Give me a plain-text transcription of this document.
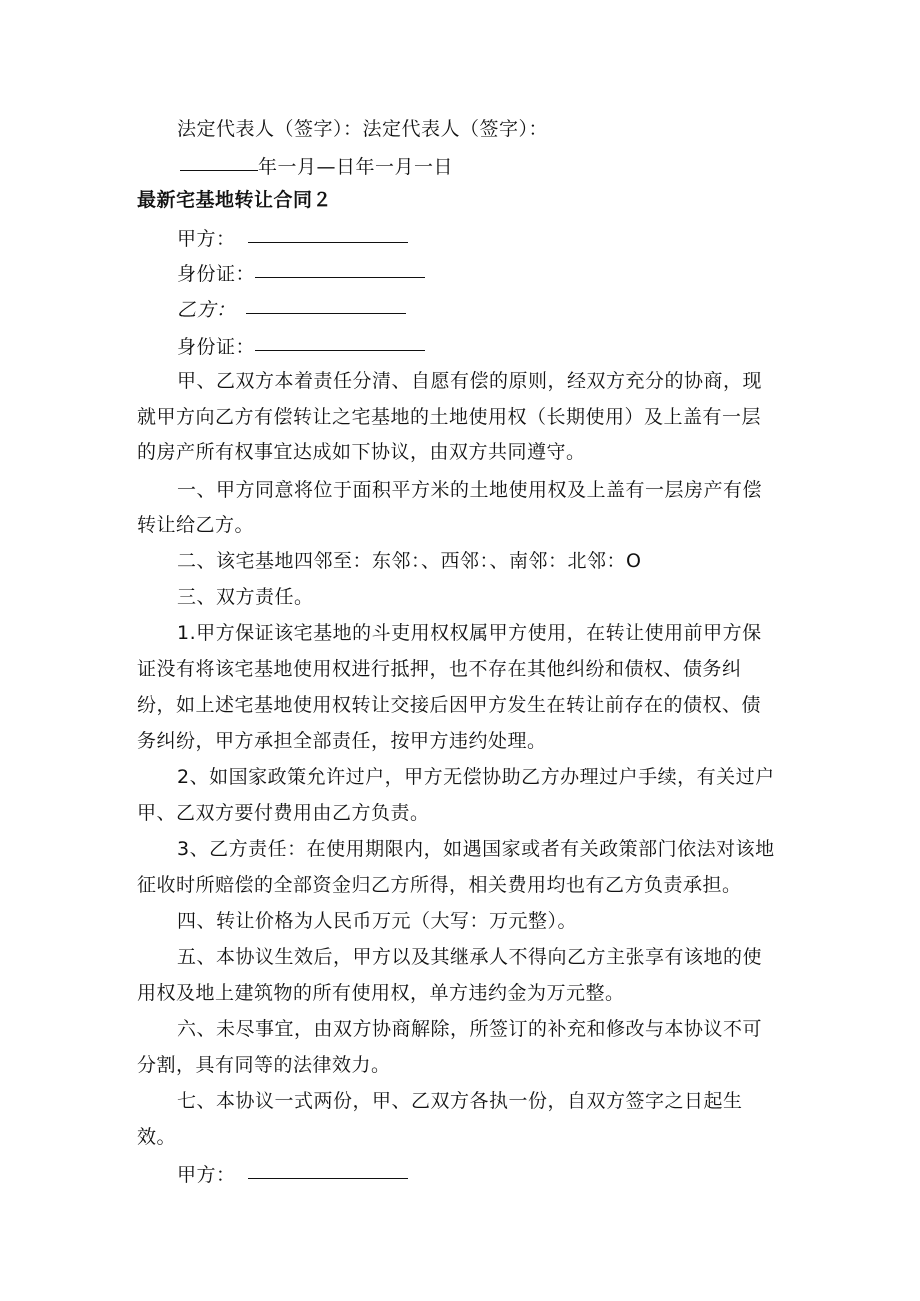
法定代表人（签字）：法定代表人（签字）：
年一月—日年一月一日
最新宅基地转让合同２
甲方：
身份证：
乙方：
身份证：
甲、乙双方本着责任分清、自愿有偿的原则，经双方充分的协商，现
就甲方向乙方有偿转让之宅基地的土地使用权（长期使用）及上盖有一层
的房产所有权事宜达成如下协议，由双方共同遵守。
一、甲方同意将位于面积平方米的土地使用权及上盖有一层房产有偿
转让给乙方。
二、该宅基地四邻至：东邻：、西邻：、南邻：北邻：O
三、双方责任。
1.甲方保证该宅基地的斗吏用权权属甲方使用，在转让使用前甲方保
证没有将该宅基地使用权进行抵押，也不存在其他纠纷和债权、债务纠
纷，如上述宅基地使用权转让交接后因甲方发生在转让前存在的债权、债
务纠纷，甲方承担全部责任，按甲方违约处理。
2、如国家政策允许过户，甲方无偿协助乙方办理过户手续，有关过户
甲、乙双方要付费用由乙方负责。
3、乙方责任：在使用期限内，如遇国家或者有关政策部门依法对该地
征收时所赔偿的全部资金归乙方所得，相关费用均也有乙方负责承担。
四、转让价格为人民币万元（大写：万元整）。
五、本协议生效后，甲方以及其继承人不得向乙方主张享有该地的使
用权及地上建筑物的所有使用权，单方违约金为万元整。
六、未尽事宜，由双方协商解除，所签订的补充和修改与本协议不可
分割，具有同等的法律效力。
七、本协议一式两份，甲、乙双方各执一份，自双方签字之日起生
效。
甲方：
